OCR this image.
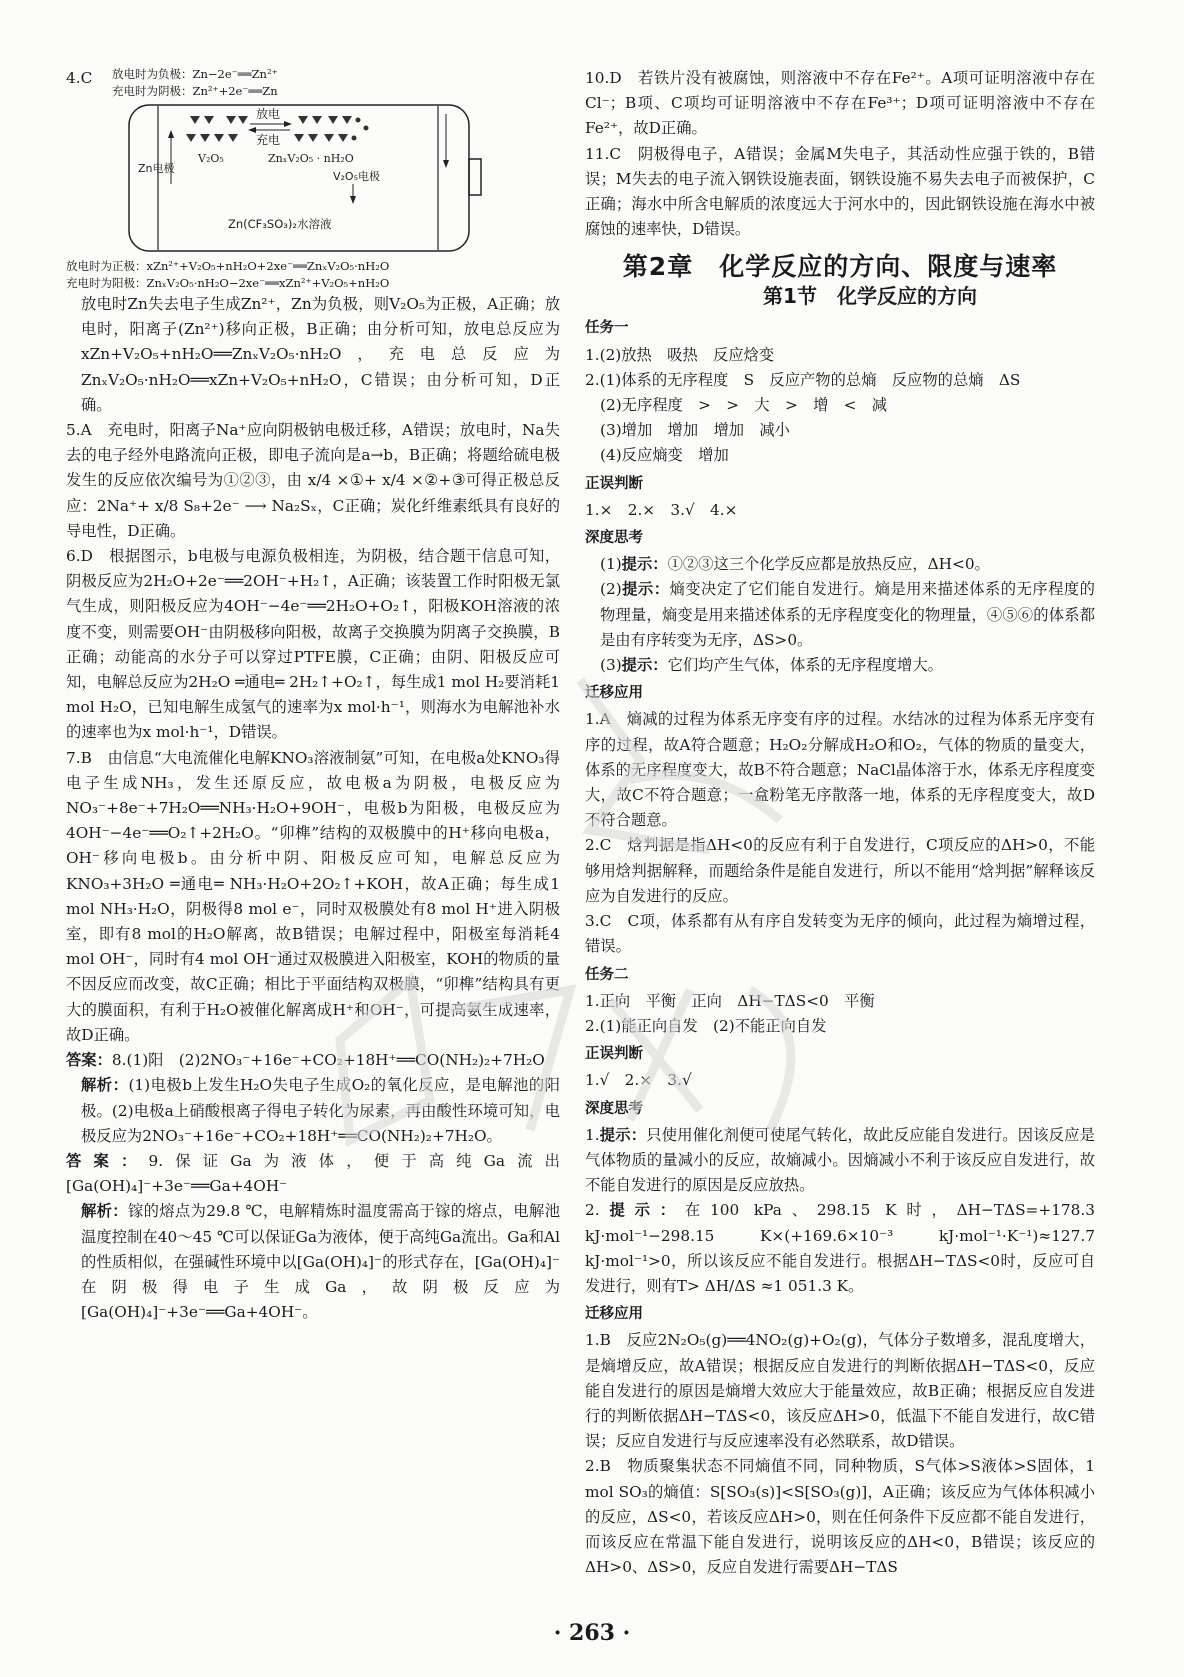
4.C	放电时为负极：Zn−2e⁻══Zn²⁺

充电时为阴极：Zn²⁺+2e⁻══Zn

放电
充电
Zn电极
V₂O₅	ZnₓV₂O₅ · nH₂O
V₂O₅电极
Zn(CF₃SO₃)₂水溶液

放电时为正极：xZn²⁺+V₂O₅+nH₂O+2xe⁻══ZnₓV₂O₅·nH₂O

充电时为阳极：ZnₓV₂O₅·nH₂O−2xe⁻══xZn²⁺+V₂O₅+nH₂O

放电时Zn失去电子生成Zn²⁺，Zn为负极，则V₂O₅为正极，A正确；放电时，阳离子(Zn²⁺)移向正极，B正确；由分析可知，放电总反应为xZn+V₂O₅+nH₂O══ZnₓV₂O₅·nH₂O，充电总反应为ZnₓV₂O₅·nH₂O══xZn+V₂O₅+nH₂O，C错误；由分析可知，D正确。

5.A　充电时，阳离子Na⁺应向阴极钠电极迁移，A错误；放电时，Na失去的电子经外电路流向正极，即电子流向是a→b，B正确；将题给硫电极发生的反应依次编号为①②③，由 x/4 ×①+ x/4 ×②+③可得正极总反应：2Na⁺+ x/8 S₈+2e⁻ ⟶ Na₂Sₓ，C正确；炭化纤维素纸具有良好的导电性，D正确。

6.D　根据图示，b电极与电源负极相连，为阴极，结合题干信息可知，阴极反应为2H₂O+2e⁻══2OH⁻+H₂↑，A正确；该装置工作时阳极无氯气生成，则阳极反应为4OH⁻−4e⁻══2H₂O+O₂↑，阳极KOH溶液的浓度不变，则需要OH⁻由阴极移向阳极，故离子交换膜为阴离子交换膜，B正确；动能高的水分子可以穿过PTFE膜，C正确；由阴、阳极反应可知，电解总反应为2H₂O ═通电═ 2H₂↑+O₂↑，每生成1 mol H₂要消耗1 mol H₂O，已知电解生成氢气的速率为x mol·h⁻¹，则海水为电解池补水的速率也为x mol·h⁻¹，D错误。

7.B　由信息“大电流催化电解KNO₃溶液制氨”可知，在电极a处KNO₃得电子生成NH₃，发生还原反应，故电极a为阴极，电极反应为NO₃⁻+8e⁻+7H₂O══NH₃·H₂O+9OH⁻，电极b为阳极，电极反应为4OH⁻−4e⁻══O₂↑+2H₂O。“卯榫”结构的双极膜中的H⁺移向电极a，OH⁻移向电极b。由分析中阴、阳极反应可知，电解总反应为KNO₃+3H₂O ═通电═ NH₃·H₂O+2O₂↑+KOH，故A正确；每生成1 mol NH₃·H₂O，阴极得8 mol e⁻，同时双极膜处有8 mol H⁺进入阴极室，即有8 mol的H₂O解离，故B错误；电解过程中，阳极室每消耗4 mol OH⁻，同时有4 mol OH⁻通过双极膜进入阳极室，KOH的物质的量不因反应而改变，故C正确；相比于平面结构双极膜，“卯榫”结构具有更大的膜面积，有利于H₂O被催化解离成H⁺和OH⁻，可提高氨生成速率，故D正确。

答案：8.(1)阳　(2)2NO₃⁻+16e⁻+CO₂+18H⁺══CO(NH₂)₂+7H₂O

解析：(1)电极b上发生H₂O失电子生成O₂的氧化反应，是电解池的阳极。(2)电极a上硝酸根离子得电子转化为尿素，再由酸性环境可知，电极反应为2NO₃⁻+16e⁻+CO₂+18H⁺══CO(NH₂)₂+7H₂O。

答案：9.保证Ga为液体，便于高纯Ga流出　[Ga(OH)₄]⁻+3e⁻══Ga+4OH⁻

解析：镓的熔点为29.8 ℃，电解精炼时温度需高于镓的熔点，电解池温度控制在40～45 ℃可以保证Ga为液体，便于高纯Ga流出。Ga和Al的性质相似，在强碱性环境中以[Ga(OH)₄]⁻的形式存在，[Ga(OH)₄]⁻在阴极得电子生成Ga，故阴极反应为[Ga(OH)₄]⁻+3e⁻══Ga+4OH⁻。

10.D　若铁片没有被腐蚀，则溶液中不存在Fe²⁺。A项可证明溶液中存在Cl⁻；B项、C项均可证明溶液中不存在Fe³⁺；D项可证明溶液中不存在Fe²⁺，故D正确。

11.C　阴极得电子，A错误；金属M失电子，其活动性应强于铁的，B错误；M失去的电子流入钢铁设施表面，钢铁设施不易失去电子而被保护，C正确；海水中所含电解质的浓度远大于河水中的，因此钢铁设施在海水中被腐蚀的速率快，D错误。

第2章　化学反应的方向、限度与速率
第1节　化学反应的方向
任务一

1.(2)放热　吸热　反应焓变

2.(1)体系的无序程度　S　反应产物的总熵　反应物的总熵　ΔS

(2)无序程度　>　>　大　>　增　<　减

(3)增加　增加　增加　减小

(4)反应熵变　增加

正误判断

1.×　2.×　3.√　4.×

深度思考

(1)提示：①②③这三个化学反应都是放热反应，ΔH<0。

(2)提示：熵变决定了它们能自发进行。熵是用来描述体系的无序程度的物理量，熵变是用来描述体系的无序程度变化的物理量，④⑤⑥的体系都是由有序转变为无序，ΔS>0。

(3)提示：它们均产生气体，体系的无序程度增大。

迁移应用

1.A　熵减的过程为体系无序变有序的过程。水结冰的过程为体系无序变有序的过程，故A符合题意；H₂O₂分解成H₂O和O₂，气体的物质的量变大，体系的无序程度变大，故B不符合题意；NaCl晶体溶于水，体系无序程度变大，故C不符合题意；一盒粉笔无序散落一地，体系的无序程度变大，故D不符合题意。

2.C　焓判据是指ΔH<0的反应有利于自发进行，C项反应的ΔH>0，不能够用焓判据解释，而题给条件是能自发进行，所以不能用“焓判据”解释该反应为自发进行的反应。

3.C　C项，体系都有从有序自发转变为无序的倾向，此过程为熵增过程，错误。

任务二

1.正向　平衡　正向　ΔH−TΔS<0　平衡

2.(1)能正向自发　(2)不能正向自发

正误判断

1.√　2.×　3.√

深度思考

1.提示：只使用催化剂便可使尾气转化，故此反应能自发进行。因该反应是气体物质的量减小的反应，故熵减小。因熵减小不利于该反应自发进行，故不能自发进行的原因是反应放热。

2.提示：在100 kPa、298.15 K时，ΔH−TΔS=+178.3 kJ·mol⁻¹−298.15 K×(+169.6×10⁻³ kJ·mol⁻¹·K⁻¹)≈127.7 kJ·mol⁻¹>0，所以该反应不能自发进行。根据ΔH−TΔS<0时，反应可自发进行，则有T> ΔH/ΔS ≈1 051.3 K。

迁移应用

1.B　反应2N₂O₅(g)══4NO₂(g)+O₂(g)，气体分子数增多，混乱度增大，是熵增反应，故A错误；根据反应自发进行的判断依据ΔH−TΔS<0，反应能自发进行的原因是熵增大效应大于能量效应，故B正确；根据反应自发进行的判断依据ΔH−TΔS<0，该反应ΔH>0，低温下不能自发进行，故C错误；反应自发进行与反应速率没有必然联系，故D错误。

2.B　物质聚集状态不同熵值不同，同种物质，S气体>S液体>S固体，1 mol SO₃的熵值：S[SO₃(s)]<S[SO₃(g)]，A正确；该反应为气体体积减小的反应，ΔS<0，若该反应ΔH>0，则在任何条件下反应都不能自发进行，而该反应在常温下能自发进行，说明该反应的ΔH<0，B错误；该反应的ΔH>0、ΔS>0，反应自发进行需要ΔH−TΔS

· 263 ·
